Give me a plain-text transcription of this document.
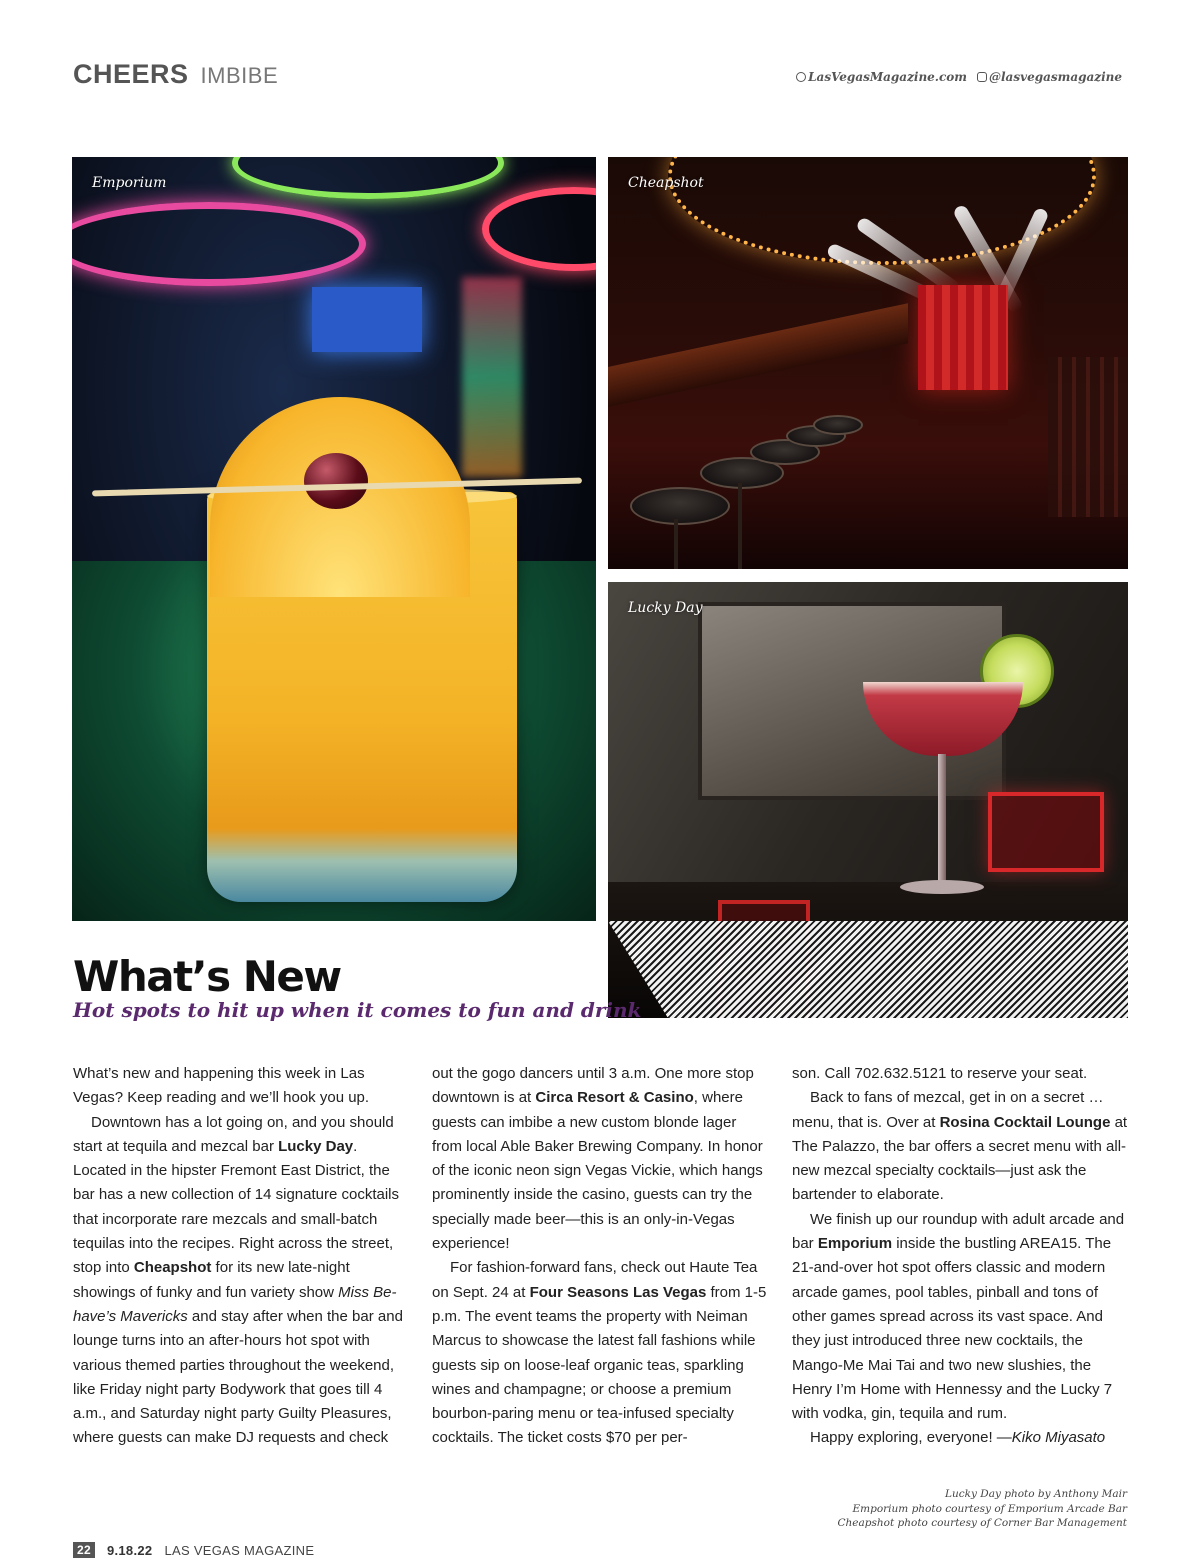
CHEERS IMBIBE	LasVegasMagazine.com	@lasvegasmagazine
Emporium	Cheapshot
Lucky Day
What’s New

Hot spots to hit up when it comes to fun and drink

What’s new and happening this week in Las Vegas? Keep reading and we’ll hook you up.

Downtown has a lot going on, and you should start at tequila and mezcal bar Lucky Day. Located in the hipster Fremont East District, the bar has a new collection of 14 signature cocktails that incorporate rare mezcals and small-batch tequilas into the recipes. Right across the street, stop into Cheapshot for its new late-night showings of funky and fun variety show Miss Be-have’s Mavericks and stay after when the bar and lounge turns into an after-hours hot spot with various themed parties throughout the weekend, like Friday night party Bodywork that goes till 4 a.m., and Saturday night party Guilty Pleasures, where guests can make DJ requests and check

out the gogo dancers until 3 a.m. One more stop downtown is at Circa Resort & Casino, where guests can imbibe a new custom blonde lager from local Able Baker Brewing Company. In honor of the iconic neon sign Vegas Vickie, which hangs prominently inside the casino, guests can try the specially made beer—this is an only-in-Vegas experience!

For fashion-forward fans, check out Haute Tea on Sept. 24 at Four Seasons Las Vegas from 1-5 p.m. The event teams the property with Neiman Marcus to showcase the latest fall fashions while guests sip on loose-leaf organic teas, sparkling wines and champagne; or choose a premium bourbon-paring menu or tea-infused specialty cocktails. The ticket costs $70 per per-

son. Call 702.632.5121 to reserve your seat.

Back to fans of mezcal, get in on a secret … menu, that is. Over at Rosina Cocktail Lounge at The Palazzo, the bar offers a secret menu with all-new mezcal specialty cocktails—just ask the bartender to elaborate.

We finish up our roundup with adult arcade and bar Emporium inside the bustling AREA15. The 21-and-over hot spot offers classic and modern arcade games, pool tables, pinball and tons of other games spread across its vast space. And they just introduced three new cocktails, the Mango-Me Mai Tai and two new slushies, the Henry I’m Home with Hennessy and the Lucky 7 with vodka, gin, tequila and rum.

Happy exploring, everyone! —Kiko Miyasato

Lucky Day photo by Anthony Mair
Emporium photo courtesy of Emporium Arcade Bar
Cheapshot photo courtesy of Corner Bar Management
22	9.18.22 LAS VEGAS MAGAZINE
